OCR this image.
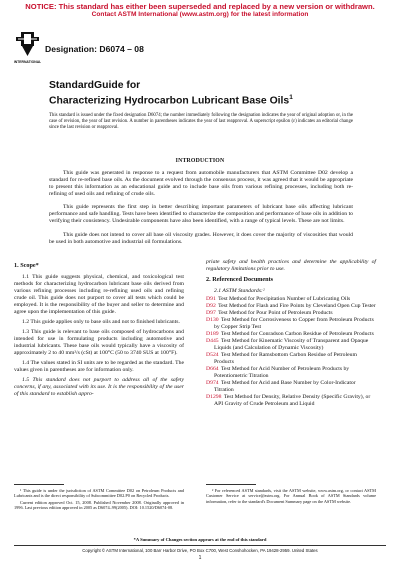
NOTICE: This standard has either been superseded and replaced by a new version or withdrawn.
Contact ASTM International (www.astm.org) for the latest information
INTERNATIONAL
Designation: D6074 – 08
StandardGuide for
Characterizing Hydrocarbon Lubricant Base Oils$^1$
This standard is issued under the fixed designation D6074; the number immediately following the designation indicates the year of original adoption or, in the case of revision, the year of last revision. A number in parentheses indicates the year of last reapproval. A superscript epsilon (ε) indicates an editorial change since the last revision or reapproval.
INTRODUCTION
This guide was generated in response to a request from automobile manufacturers that ASTM Committee D02 develop a standard for re-refined base oils. As the document evolved through the consensus process, it was agreed that it would be appropriate to present this information as an educational guide and to include base oils from various refining processes, including both re-refining of used oils and refining of crude oils.
This guide represents the first step in better describing important parameters of lubricant base oils affecting lubricant performance and safe handling. Tests have been identified to characterize the composition and performance of base oils in addition to verifying their consistency. Undesirable components have also been identified, with a range of typical levels. These are not limits.
This guide does not intend to cover all base oil viscosity grades. However, it does cover the majority of viscosities that would be used in both automotive and industrial oil formulations.
1. Scope*

1.1 This guide suggests physical, chemical, and toxicological test methods for characterizing hydrocarbon lubricant base oils derived from various refining processes including re-refining used oils and refining crude oil. This guide does not purport to cover all tests which could be employed. It is the responsibility of the buyer and seller to determine and agree upon the implementation of this guide.

1.2 This guide applies only to base oils and not to finished lubricants.

1.3 This guide is relevant to base oils composed of hydrocarbons and intended for use in formulating products including automotive and industrial lubricants. These base oils would typically have a viscosity of approximately 2 to 40 mm²/s (cSt) at 100°C (50 to 3740 SUS at 100°F).

1.4 The values stated in SI units are to be regarded as the standard. The values given in parentheses are for information only.

1.5 This standard does not purport to address all of the safety concerns, if any, associated with its use. It is the responsibility of the user of this standard to establish appro-

priate safety and health practices and determine the applicability of regulatory limitations prior to use.

2. Referenced Documents
2.1 ASTM Standards:²
D91 Test Method for Precipitation Number of Lubricating Oils
D92 Test Method for Flash and Fire Points by Cleveland Open Cup Tester
D97 Test Method for Pour Point of Petroleum Products
D130 Test Method for Corrosiveness to Copper from Petroleum Products by Copper Strip Test
D189 Test Method for Conradson Carbon Residue of Petroleum Products
D445 Test Method for Kinematic Viscosity of Transparent and Opaque Liquids (and Calculation of Dynamic Viscosity)
D524 Test Method for Ramsbottom Carbon Residue of Petroleum Products
D664 Test Method for Acid Number of Petroleum Products by Potentiometric Titration
D974 Test Method for Acid and Base Number by Color-Indicator Titration
D1298 Test Method for Density, Relative Density (Specific Gravity), or API Gravity of Crude Petroleum and Liquid

¹ This guide is under the jurisdiction of ASTM Committee D02 on Petroleum Products and Lubricants and is the direct responsibility of Subcommittee D02.P0 on Recycled Products.

Current edition approved Oct. 15, 2008. Published November 2008. Originally approved in 1996. Last previous edition approved in 2005 as D6074–99(2005). DOI: 10.1520/D6074-08.

² For referenced ASTM standards, visit the ASTM website, www.astm.org, or contact ASTM Customer Service at service@astm.org. For Annual Book of ASTM Standards volume information, refer to the standard's Document Summary page on the ASTM website.

*A Summary of Changes section appears at the end of this standard
Copyright © ASTM International, 100 Barr Harbor Drive, PO Box C700, West Conshohocken, PA 19428-2959. United States
1
